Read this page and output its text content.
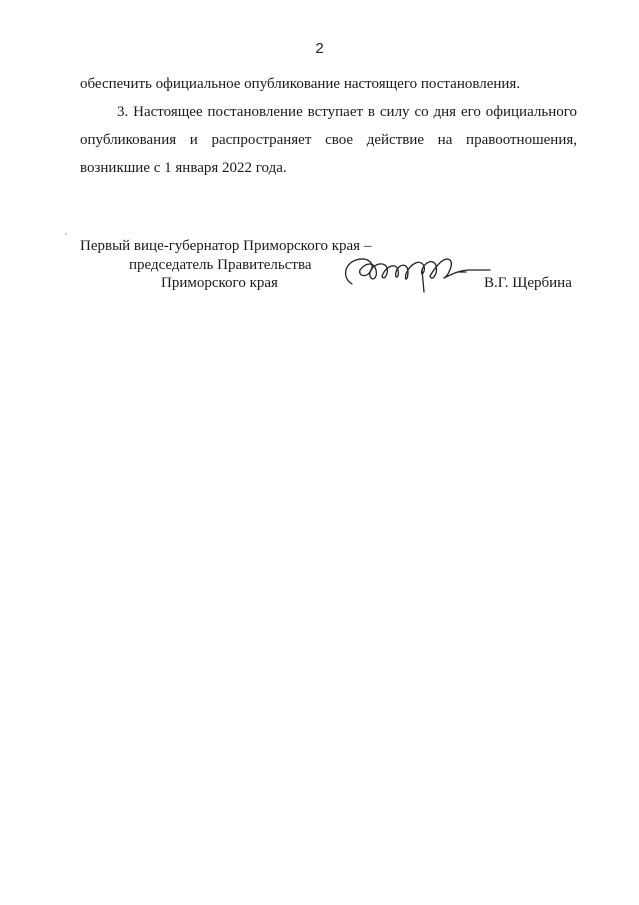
2
обеспечить официальное опубликование настоящего постановления.
3. Настоящее постановление вступает в силу со дня его официального опубликования и распространяет свое действие на правоотношения, возникшие с 1 января 2022 года.
Первый вице-губернатор Приморского края –
председатель Правительства
Приморского края	В.Г. Щербина
